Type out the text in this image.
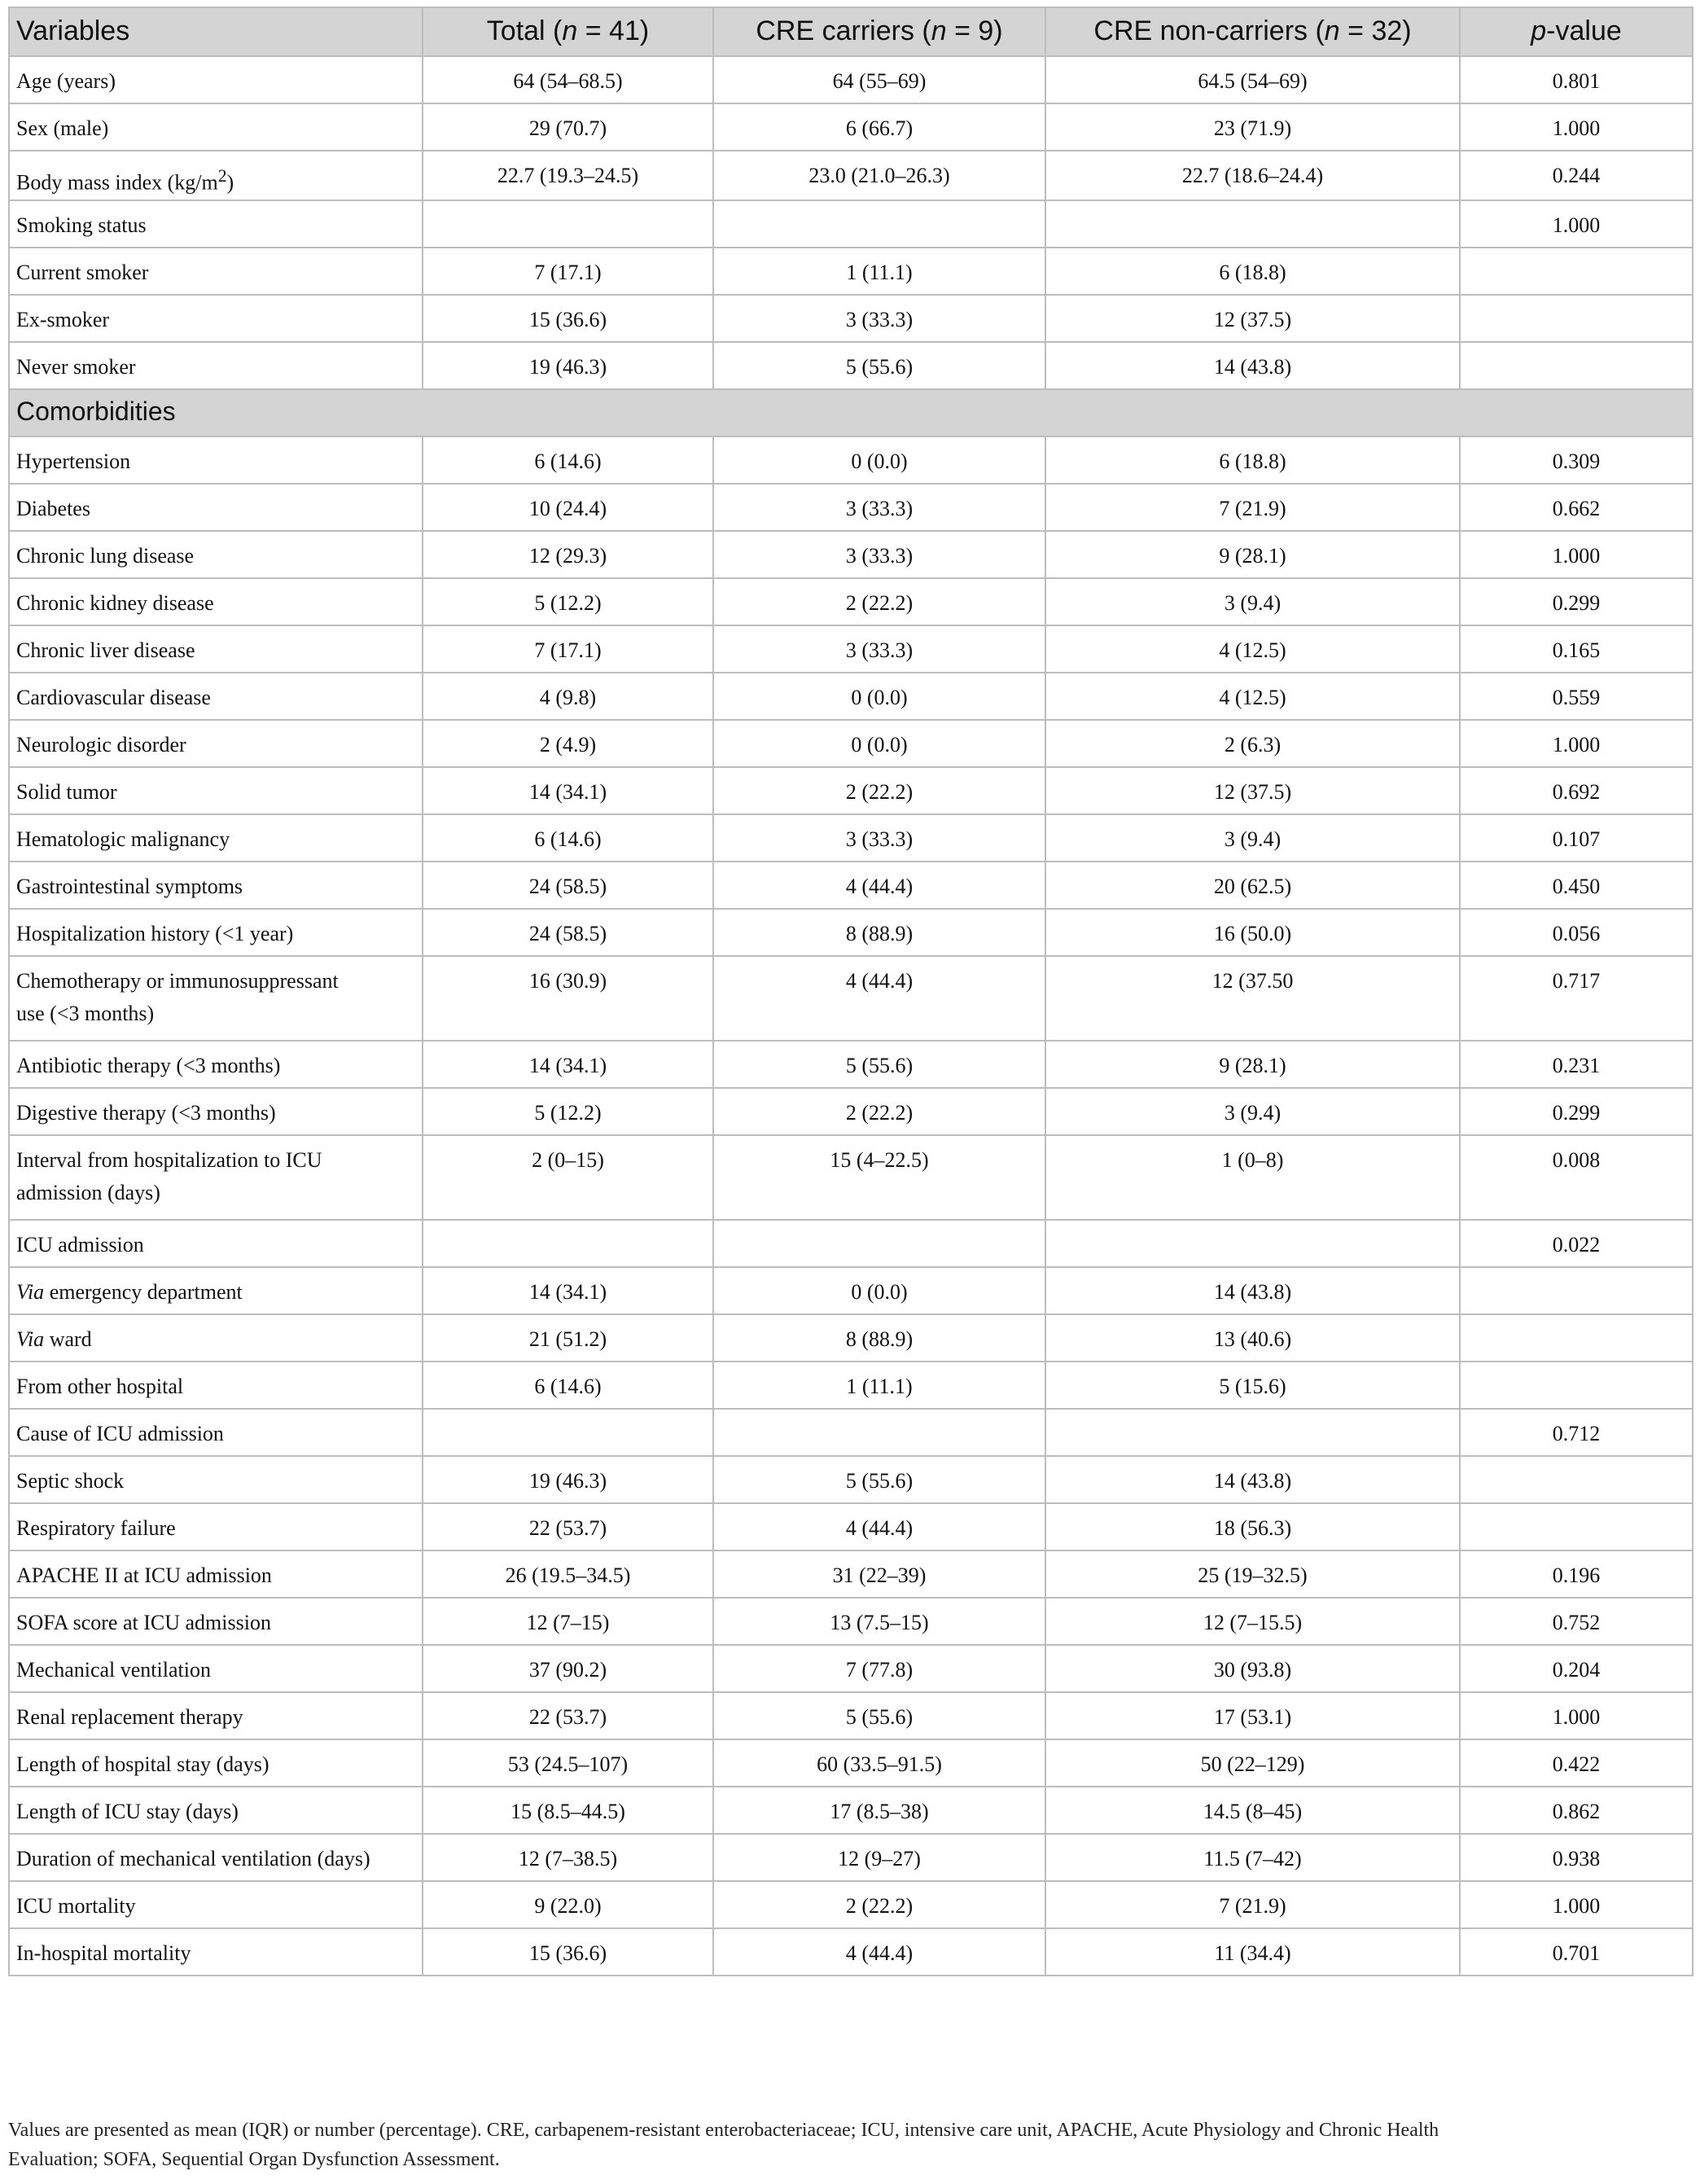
Variables	Total (n = 41)	CRE carriers (n = 9)	CRE non-carriers (n = 32)	p-value
Age (years)	64 (54–68.5)	64 (55–69)	64.5 (54–69)	0.801
Sex (male)	29 (70.7)	6 (66.7)	23 (71.9)	1.000
Body mass index $(kg/m^2)$	22.7 (19.3–24.5)	23.0 (21.0–26.3)	22.7 (18.6–24.4)	0.244
Smoking status				1.000
Current smoker	7 (17.1)	1 (11.1)	6 (18.8)	
Ex-smoker	15 (36.6)	3 (33.3)	12 (37.5)	
Never smoker	19 (46.3)	5 (55.6)	14 (43.8)	
Comorbidities				
Hypertension	6 (14.6)	0 (0.0)	6 (18.8)	0.309
Diabetes	10 (24.4)	3 (33.3)	7 (21.9)	0.662
Chronic lung disease	12 (29.3)	3 (33.3)	9 (28.1)	1.000
Chronic kidney disease	5 (12.2)	2 (22.2)	3 (9.4)	0.299
Chronic liver disease	7 (17.1)	3 (33.3)	4 (12.5)	0.165
Cardiovascular disease	4 (9.8)	0 (0.0)	4 (12.5)	0.559
Neurologic disorder	2 (4.9)	0 (0.0)	2 (6.3)	1.000
Solid tumor	14 (34.1)	2 (22.2)	12 (37.5)	0.692
Hematologic malignancy	6 (14.6)	3 (33.3)	3 (9.4)	0.107
Gastrointestinal symptoms	24 (58.5)	4 (44.4)	20 (62.5)	0.450
Hospitalization history (<1 year)	24 (58.5)	8 (88.9)	16 (50.0)	0.056
Chemotherapy or immunosuppressant
use (<3 months)	16 (30.9)	4 (44.4)	12 (37.50	0.717
Antibiotic therapy (<3 months)	14 (34.1)	5 (55.6)	9 (28.1)	0.231
Digestive therapy (<3 months)	5 (12.2)	2 (22.2)	3 (9.4)	0.299
Interval from hospitalization to ICU
admission (days)	2 (0–15)	15 (4–22.5)	1 (0–8)	0.008
ICU admission				0.022
Via emergency department	14 (34.1)	0 (0.0)	14 (43.8)	
Via ward	21 (51.2)	8 (88.9)	13 (40.6)	
From other hospital	6 (14.6)	1 (11.1)	5 (15.6)	
Cause of ICU admission				0.712
Septic shock	19 (46.3)	5 (55.6)	14 (43.8)	
Respiratory failure	22 (53.7)	4 (44.4)	18 (56.3)	
APACHE II at ICU admission	26 (19.5–34.5)	31 (22–39)	25 (19–32.5)	0.196
SOFA score at ICU admission	12 (7–15)	13 (7.5–15)	12 (7–15.5)	0.752
Mechanical ventilation	37 (90.2)	7 (77.8)	30 (93.8)	0.204
Renal replacement therapy	22 (53.7)	5 (55.6)	17 (53.1)	1.000
Length of hospital stay (days)	53 (24.5–107)	60 (33.5–91.5)	50 (22–129)	0.422
Length of ICU stay (days)	15 (8.5–44.5)	17 (8.5–38)	14.5 (8–45)	0.862
Duration of mechanical ventilation (days)	12 (7–38.5)	12 (9–27)	11.5 (7–42)	0.938
ICU mortality	9 (22.0)	2 (22.2)	7 (21.9)	1.000
In-hospital mortality	15 (36.6)	4 (44.4)	11 (34.4)	0.701
Values are presented as mean (IQR) or number (percentage). CRE, carbapenem-resistant enterobacteriaceae; ICU, intensive care unit, APACHE, Acute Physiology and Chronic Health
Evaluation; SOFA, Sequential Organ Dysfunction Assessment.
